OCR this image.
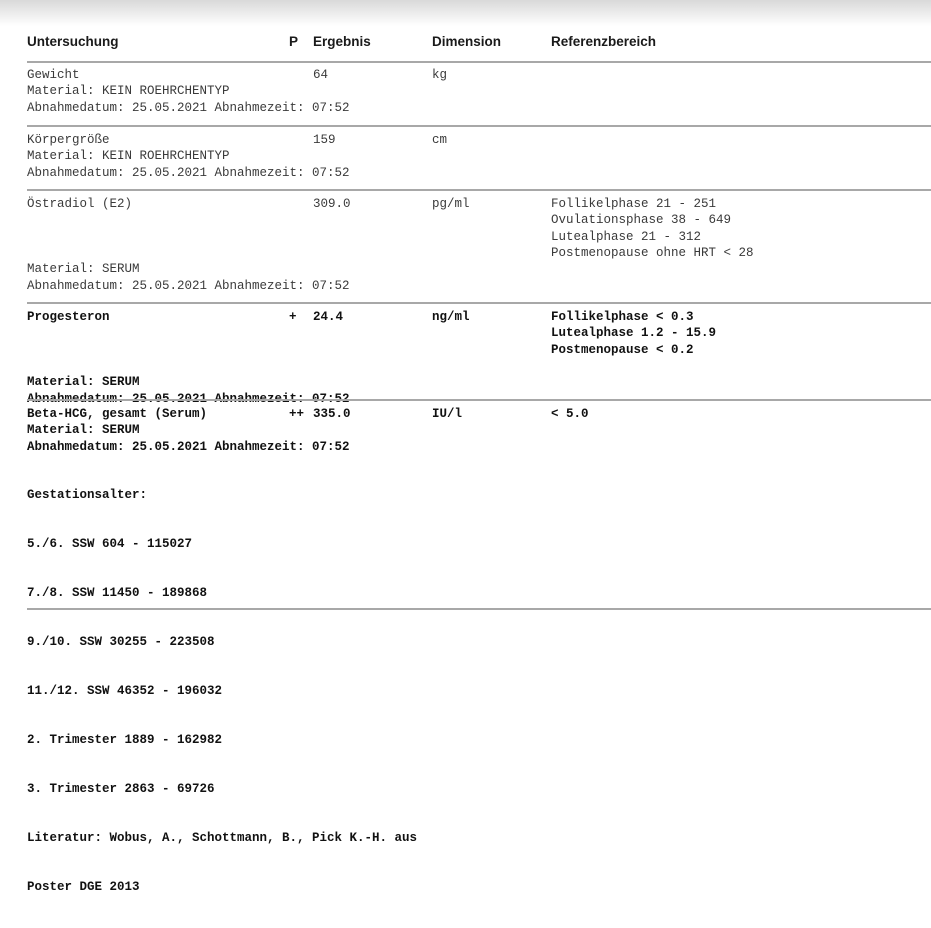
Untersuchung	P Ergebnis	Dimension	Referenzbereich
Gewicht	64	kg
Material: KEIN ROEHRCHENTYP
Abnahmedatum: 25.05.2021 Abnahmezeit: 07:52
Körpergröße	159	cm
Material: KEIN ROEHRCHENTYP
Abnahmedatum: 25.05.2021 Abnahmezeit: 07:52
Östradiol (E2)	309.0	pg/ml	Follikelphase 21 - 251
Ovulationsphase 38 - 649
Lutealphase 21 - 312
Postmenopause ohne HRT < 28
Material: SERUM
Abnahmedatum: 25.05.2021 Abnahmezeit: 07:52
Progesteron	+ 24.4	ng/ml	Follikelphase < 0.3
Lutealphase 1.2 - 15.9
Postmenopause < 0.2
Material: SERUM
Beta-HCG, gesamt (Serum)	++ 335.0	IU/l	< 5.0
Material: SERUM
Abnahmedatum: 25.05.2021 Abnahmezeit: 07:52

Gestationsalter:

5./6. SSW 604 - 115027

7./8. SSW 11450 - 189868

9./10. SSW 30255 - 223508

11./12. SSW 46352 - 196032

2. Trimester 1889 - 162982

3. Trimester 2863 - 69726

Literatur: Wobus, A., Schottmann, B., Pick K.-H. aus

Poster DGE 2013
